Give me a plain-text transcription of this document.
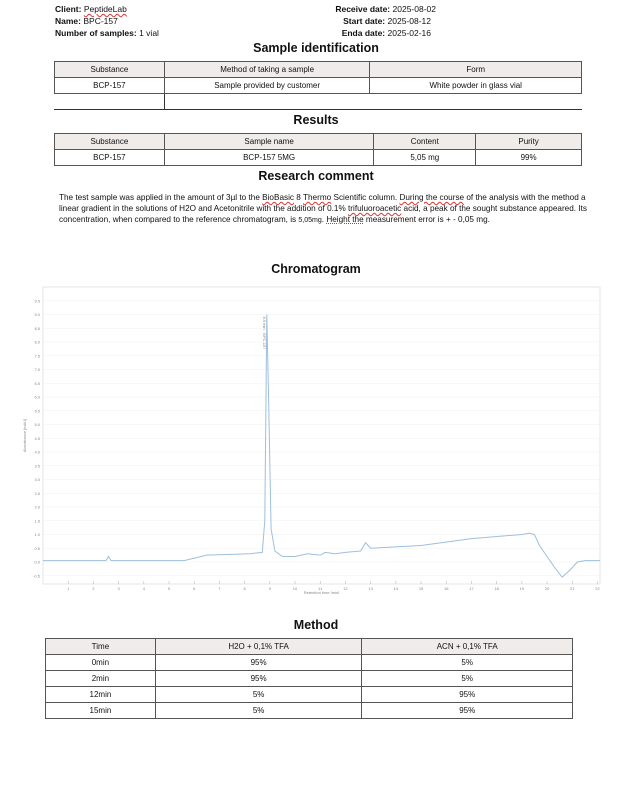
Client: PeptideLab
Name: BPC-157
Number of samples: 1 vial
Receive date: 2025-08-02
Start date: 2025-08-12
Enda date: 2025-02-16
Sample identification
Substance	Method of taking a sample	Form
BCP-157	Sample provided by customer	White powder in glass vial
Results
Substance	Sample name	Content	Purity
BCP-157	BCP-157 5MG	5,05 mg	99%
Research comment
The test sample was applied in the amount of 3µl to the BioBasic 8 Thermo Scientific column. During the course of the analysis with the method a linear gradient in the solutions of H2O and Acetonitrile with the addition of 0.1% trifuluoroacetic acid, a peak of the sought substance appeared. Its concentration, when compared to the reference chromatogram, is 5,05mg. Height the measurement error is + - 0,05 mg.
Chromatogram
-0.5
0.0
0.5
1.0
1.5
2.0
2.5
3.0
3.5
4.0
4.5
5.0
5.5
6.0
6.5
7.0
7.5
8.0
8.5
9.0
9.5
1	2	3	4	5	6	7	8	9	10	11	12	13	14	15	16	17	18	19	20	21	22
8.9 min · BPC-157
Absorbance [mAU]
Retention time [min]
Method
Time	H2O + 0,1% TFA	ACN + 0,1% TFA
0min	95%	5%
2min	95%	5%
12min	5%	95%
15min	5%	95%
